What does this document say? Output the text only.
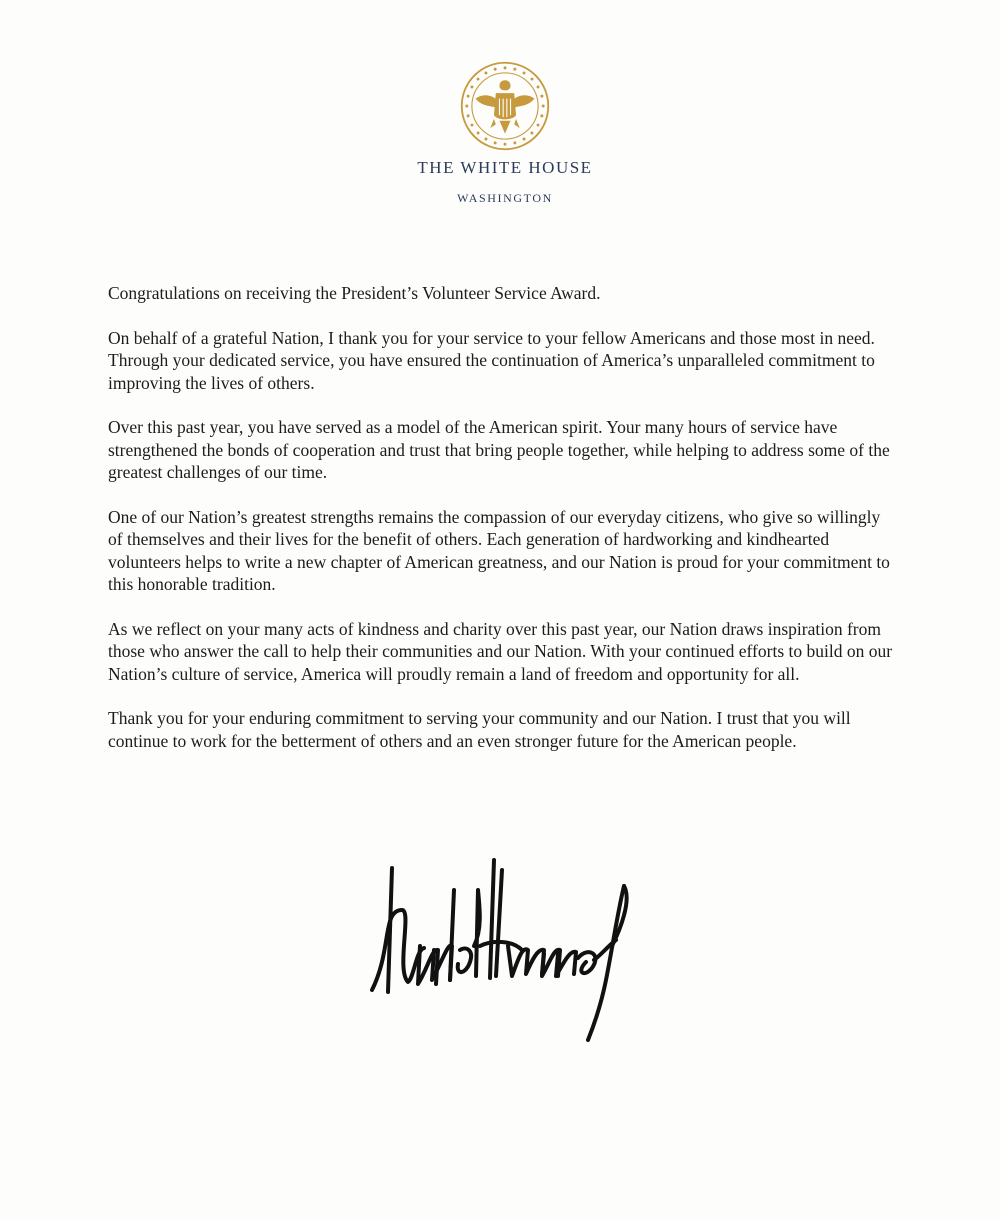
THE WHITE HOUSE
WASHINGTON

Congratulations on receiving the President’s Volunteer Service Award.

On behalf of a grateful Nation, I thank you for your service to your fellow Americans and those most in need. Through your dedicated service, you have ensured the continuation of America’s unparalleled commitment to improving the lives of others.

Over this past year, you have served as a model of the American spirit. Your many hours of service have strengthened the bonds of cooperation and trust that bring people together, while helping to address some of the greatest challenges of our time.

One of our Nation’s greatest strengths remains the compassion of our everyday citizens, who give so willingly of themselves and their lives for the benefit of others. Each generation of hardworking and kindhearted volunteers helps to write a new chapter of American greatness, and our Nation is proud for your commitment to this honorable tradition.

As we reflect on your many acts of kindness and charity over this past year, our Nation draws inspiration from those who answer the call to help their communities and our Nation. With your continued efforts to build on our Nation’s culture of service, America will proudly remain a land of freedom and opportunity for all.

Thank you for your enduring commitment to serving your community and our Nation. I trust that you will continue to work for the betterment of others and an even stronger future for the American people.
